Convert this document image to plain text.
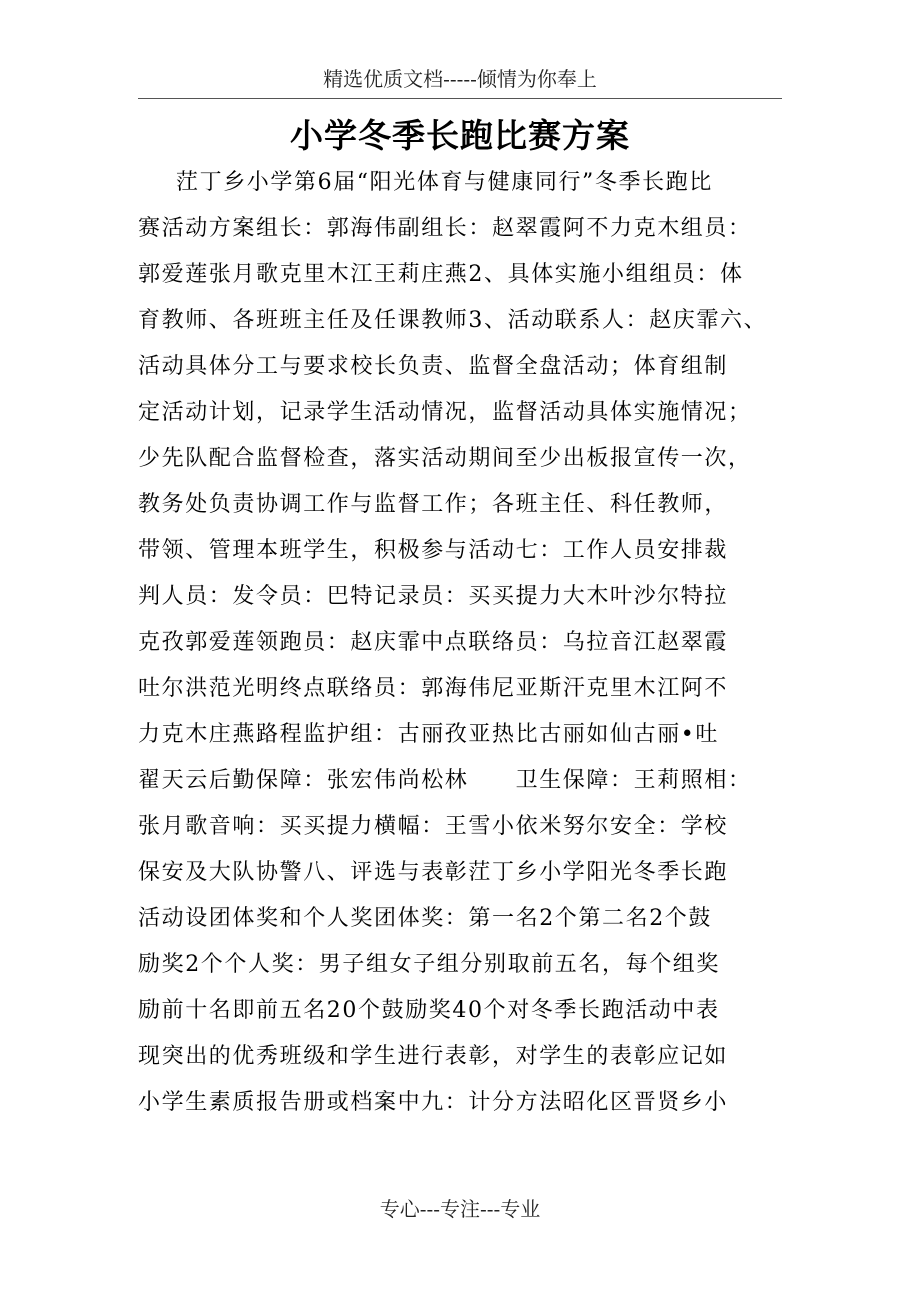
精选优质文档-----倾情为你奉上
小学冬季长跑比赛方案
茳丁乡小学第6届“阳光体育与健康同行”冬季长跑比
赛活动方案组长：郭海伟副组长：赵翠霞阿不力克木组员：
郭爱莲张月歌克里木江王莉庄燕2、具体实施小组组员：体
育教师、各班班主任及任课教师3、活动联系人：赵庆霏六、
活动具体分工与要求校长负责、监督全盘活动；体育组制
定活动计划，记录学生活动情况，监督活动具体实施情况；
少先队配合监督检查，落实活动期间至少出板报宣传一次，
教务处负责协调工作与监督工作；各班主任、科任教师，
带领、管理本班学生，积极参与活动七：工作人员安排裁
判人员：发令员：巴特记录员：买买提力大木叶沙尔特拉
克孜郭爱莲领跑员：赵庆霏中点联络员：乌拉音江赵翠霞
吐尔洪范光明终点联络员：郭海伟尼亚斯汗克里木江阿不
力克木庄燕路程监护组：古丽孜亚热比古丽如仙古丽•吐
翟天云后勤保障：张宏伟尚松林　　卫生保障：王莉照相：
张月歌音响：买买提力横幅：王雪小依米努尔安全：学校
保安及大队协警八、评选与表彰茳丁乡小学阳光冬季长跑
活动设团体奖和个人奖团体奖：第一名2个第二名2个鼓
励奖2个个人奖：男子组女子组分别取前五名，每个组奖
励前十名即前五名20个鼓励奖40个对冬季长跑活动中表
现突出的优秀班级和学生进行表彰，对学生的表彰应记如
小学生素质报告册或档案中九：计分方法昭化区晋贤乡小
专心---专注---专业
